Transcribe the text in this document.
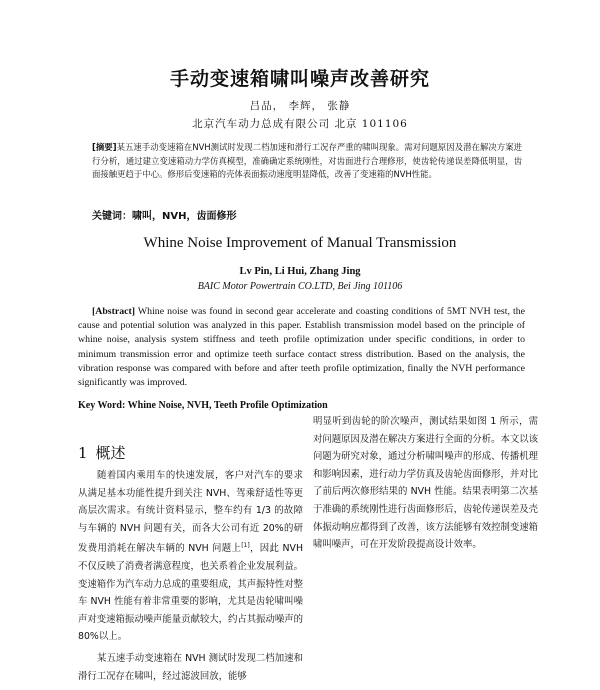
手动变速箱啸叫噪声改善研究
吕品， 李辉， 张静
北京汽车动力总成有限公司 北京 101106
[摘要]某五速手动变速箱在NVH测试时发现二档加速和滑行工况存严重的啸叫现象。需对问题原因及潜在解决方案进行分析，通过建立变速箱动力学仿真模型，准确确定系统刚性，对齿面进行合理修形，使齿轮传递误差降低明显，齿面接触更趋于中心。修形后变速箱的壳体表面振动速度明显降低，改善了变速箱的NVH性能。
关键词：啸叫，NVH，齿面修形
Whine Noise Improvement of Manual Transmission
Lv Pin, Li Hui, Zhang Jing
BAIC Motor Powertrain CO.LTD, Bei Jing 101106
[Abstract] Whine noise was found in second gear accelerate and coasting conditions of 5MT NVH test, the cause and potential solution was analyzed in this paper. Establish transmission model based on the principle of whine noise, analysis system stiffness and teeth profile optimization under specific conditions, in order to minimum transmission error and optimize teeth surface contact stress distribution. Based on the analysis, the vibration response was compared with before and after teeth profile optimization, finally the NVH performance significantly was improved.
Key Word: Whine Noise, NVH, Teeth Profile Optimization
1 概述

随着国内乘用车的快速发展，客户对汽车的要求从满足基本功能性提升到关注 NVH、驾乘舒适性等更高层次需求。有统计资料显示，整车约有 1/3 的故障与车辆的 NVH 问题有关，而各大公司有近 20%的研发费用消耗在解决车辆的 NVH 问题上[1]，因此 NVH 不仅反映了消费者满意程度，也关系着企业发展利益。变速箱作为汽车动力总成的重要组成，其声振特性对整车 NVH 性能有着非常重要的影响，尤其是齿轮啸叫噪声对变速箱振动噪声能量贡献较大，约占其振动噪声的 80%以上。

某五速手动变速箱在 NVH 测试时发现二档加速和滑行工况存在啸叫，经过滤波回放，能够

明显听到齿轮的阶次噪声，测试结果如图 1 所示，需对问题原因及潜在解决方案进行全面的分析。本文以该问题为研究对象，通过分析啸叫噪声的形成、传播机理和影响因素，进行动力学仿真及齿轮齿面修形，并对比了前后两次修形结果的 NVH 性能。结果表明第二次基于准确的系统刚性进行齿面修形后，齿轮传递误差及壳体振动响应都得到了改善，该方法能够有效控制变速箱啸叫噪声，可在开发阶段提高设计效率。
